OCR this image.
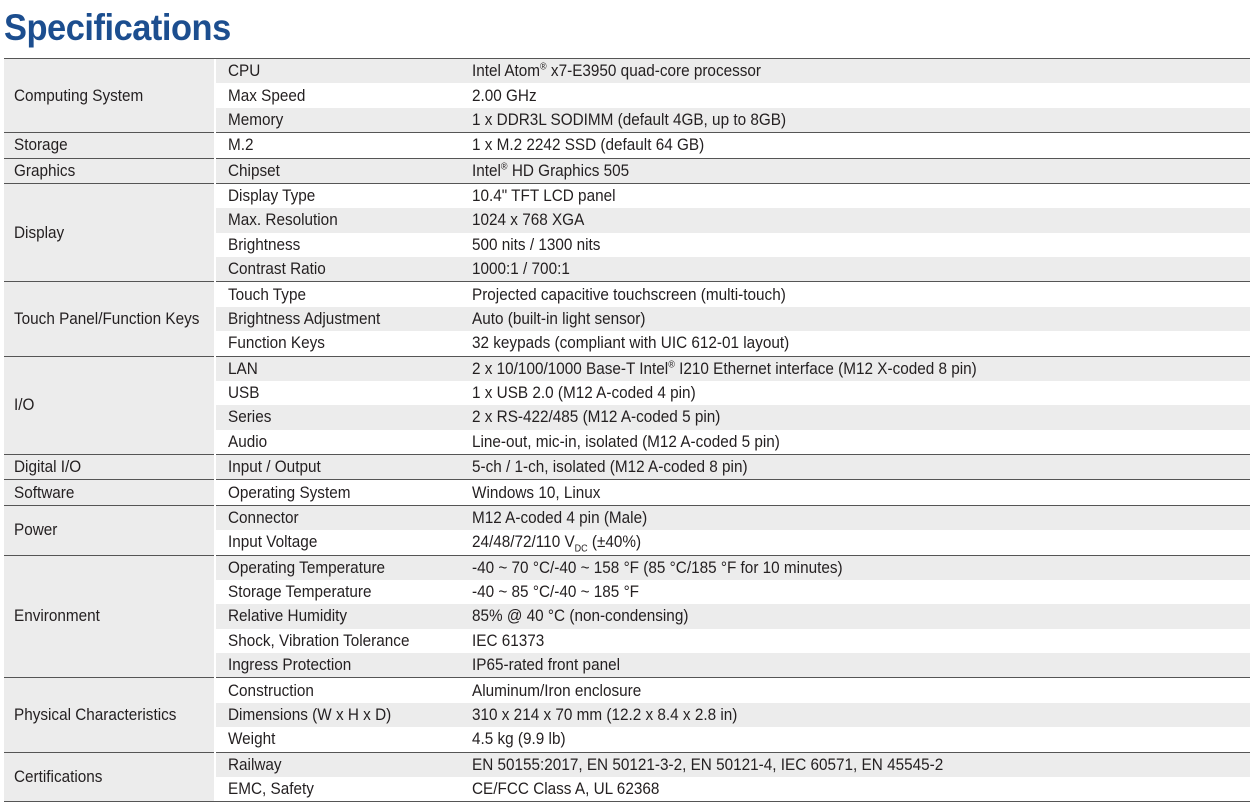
Specifications
Computing System		CPU	Intel Atom® x7-E3950 quad-core processor
		Max Speed	2.00 GHz
		Memory	1 x DDR3L SODIMM (default 4GB, up to 8GB)
Storage		M.2	1 x M.2 2242 SSD (default 64 GB)
Graphics		Chipset	Intel® HD Graphics 505
Display		Display Type	10.4" TFT LCD panel
		Max. Resolution	1024 x 768 XGA
		Brightness	500 nits / 1300 nits
		Contrast Ratio	1000:1 / 700:1
Touch Panel/Function Keys		Touch Type	Projected capacitive touchscreen (multi-touch)
		Brightness Adjustment	Auto (built-in light sensor)
		Function Keys	32 keypads (compliant with UIC 612-01 layout)
I/O		LAN	2 x 10/100/1000 Base-T Intel® I210 Ethernet interface (M12 X-coded 8 pin)
		USB	1 x USB 2.0 (M12 A-coded 4 pin)
		Series	2 x RS-422/485 (M12 A-coded 5 pin)
		Audio	Line-out, mic-in, isolated (M12 A-coded 5 pin)
Digital I/O		Input / Output	5-ch / 1-ch, isolated (M12 A-coded 8 pin)
Software		Operating System	Windows 10, Linux
Power		Connector	M12 A-coded 4 pin (Male)
		Input Voltage	24/48/72/110 $V_{DC}$ (±40%)
Environment		Operating Temperature	-40 ~ 70 °C/-40 ~ 158 °F (85 °C/185 °F for 10 minutes)
		Storage Temperature	-40 ~ 85 °C/-40 ~ 185 °F
		Relative Humidity	85% @ 40 °C (non-condensing)
		Shock, Vibration Tolerance	IEC 61373
		Ingress Protection	IP65-rated front panel
Physical Characteristics		Construction	Aluminum/Iron enclosure
		Dimensions (W x H x D)	310 x 214 x 70 mm (12.2 x 8.4 x 2.8 in)
		Weight	4.5 kg (9.9 lb)
Certifications		Railway	EN 50155:2017, EN 50121-3-2, EN 50121-4, IEC 60571, EN 45545-2
		EMC, Safety	CE/FCC Class A, UL 62368
